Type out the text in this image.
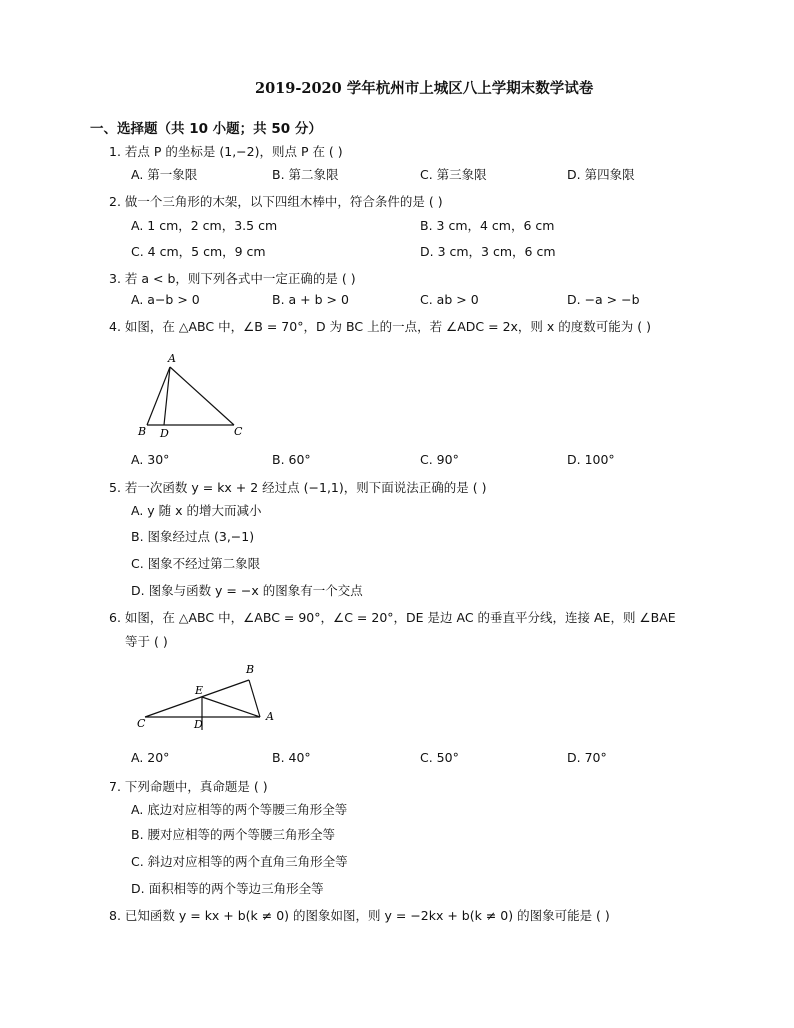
2019-2020 学年杭州市上城区八上学期末数学试卷
一、选择题（共 10 小题；共 50 分）
1. 若点 P 的坐标是 (1,−2)，则点 P 在 ( )
A. 第一象限	B. 第二象限	C. 第三象限	D. 第四象限
2. 做一个三角形的木架，以下四组木棒中，符合条件的是 ( )
A. 1 cm，2 cm，3.5 cm	B. 3 cm，4 cm，6 cm
C. 4 cm，5 cm，9 cm	D. 3 cm，3 cm，6 cm
3. 若 a < b，则下列各式中一定正确的是 ( )
A. a−b > 0	B. a + b > 0	C. ab > 0	D. −a > −b
4. 如图，在 △ABC 中，∠B = 70°，D 为 BC 上的一点，若 ∠ADC = 2x，则 x 的度数可能为 ( )
A
B D	C
A. 30°	B. 60°	C. 90°	D. 100°
5. 若一次函数 y = kx + 2 经过点 (−1,1)，则下面说法正确的是 ( )
A. y 随 x 的增大而减小
B. 图象经过点 (3,−1)
C. 图象不经过第二象限
D. 图象与函数 y = −x 的图象有一个交点
6. 如图，在 △ABC 中，∠ABC = 90°，∠C = 20°，DE 是边 AC 的垂直平分线，连接 AE，则 ∠BAE
等于 ( )
B
E
C	D
A
A. 20°	B. 40°	C. 50°	D. 70°
7. 下列命题中，真命题是 ( )
A. 底边对应相等的两个等腰三角形全等
B. 腰对应相等的两个等腰三角形全等
C. 斜边对应相等的两个直角三角形全等
D. 面积相等的两个等边三角形全等
8. 已知函数 y = kx + b(k ≠ 0) 的图象如图，则 y = −2kx + b(k ≠ 0) 的图象可能是 ( )
